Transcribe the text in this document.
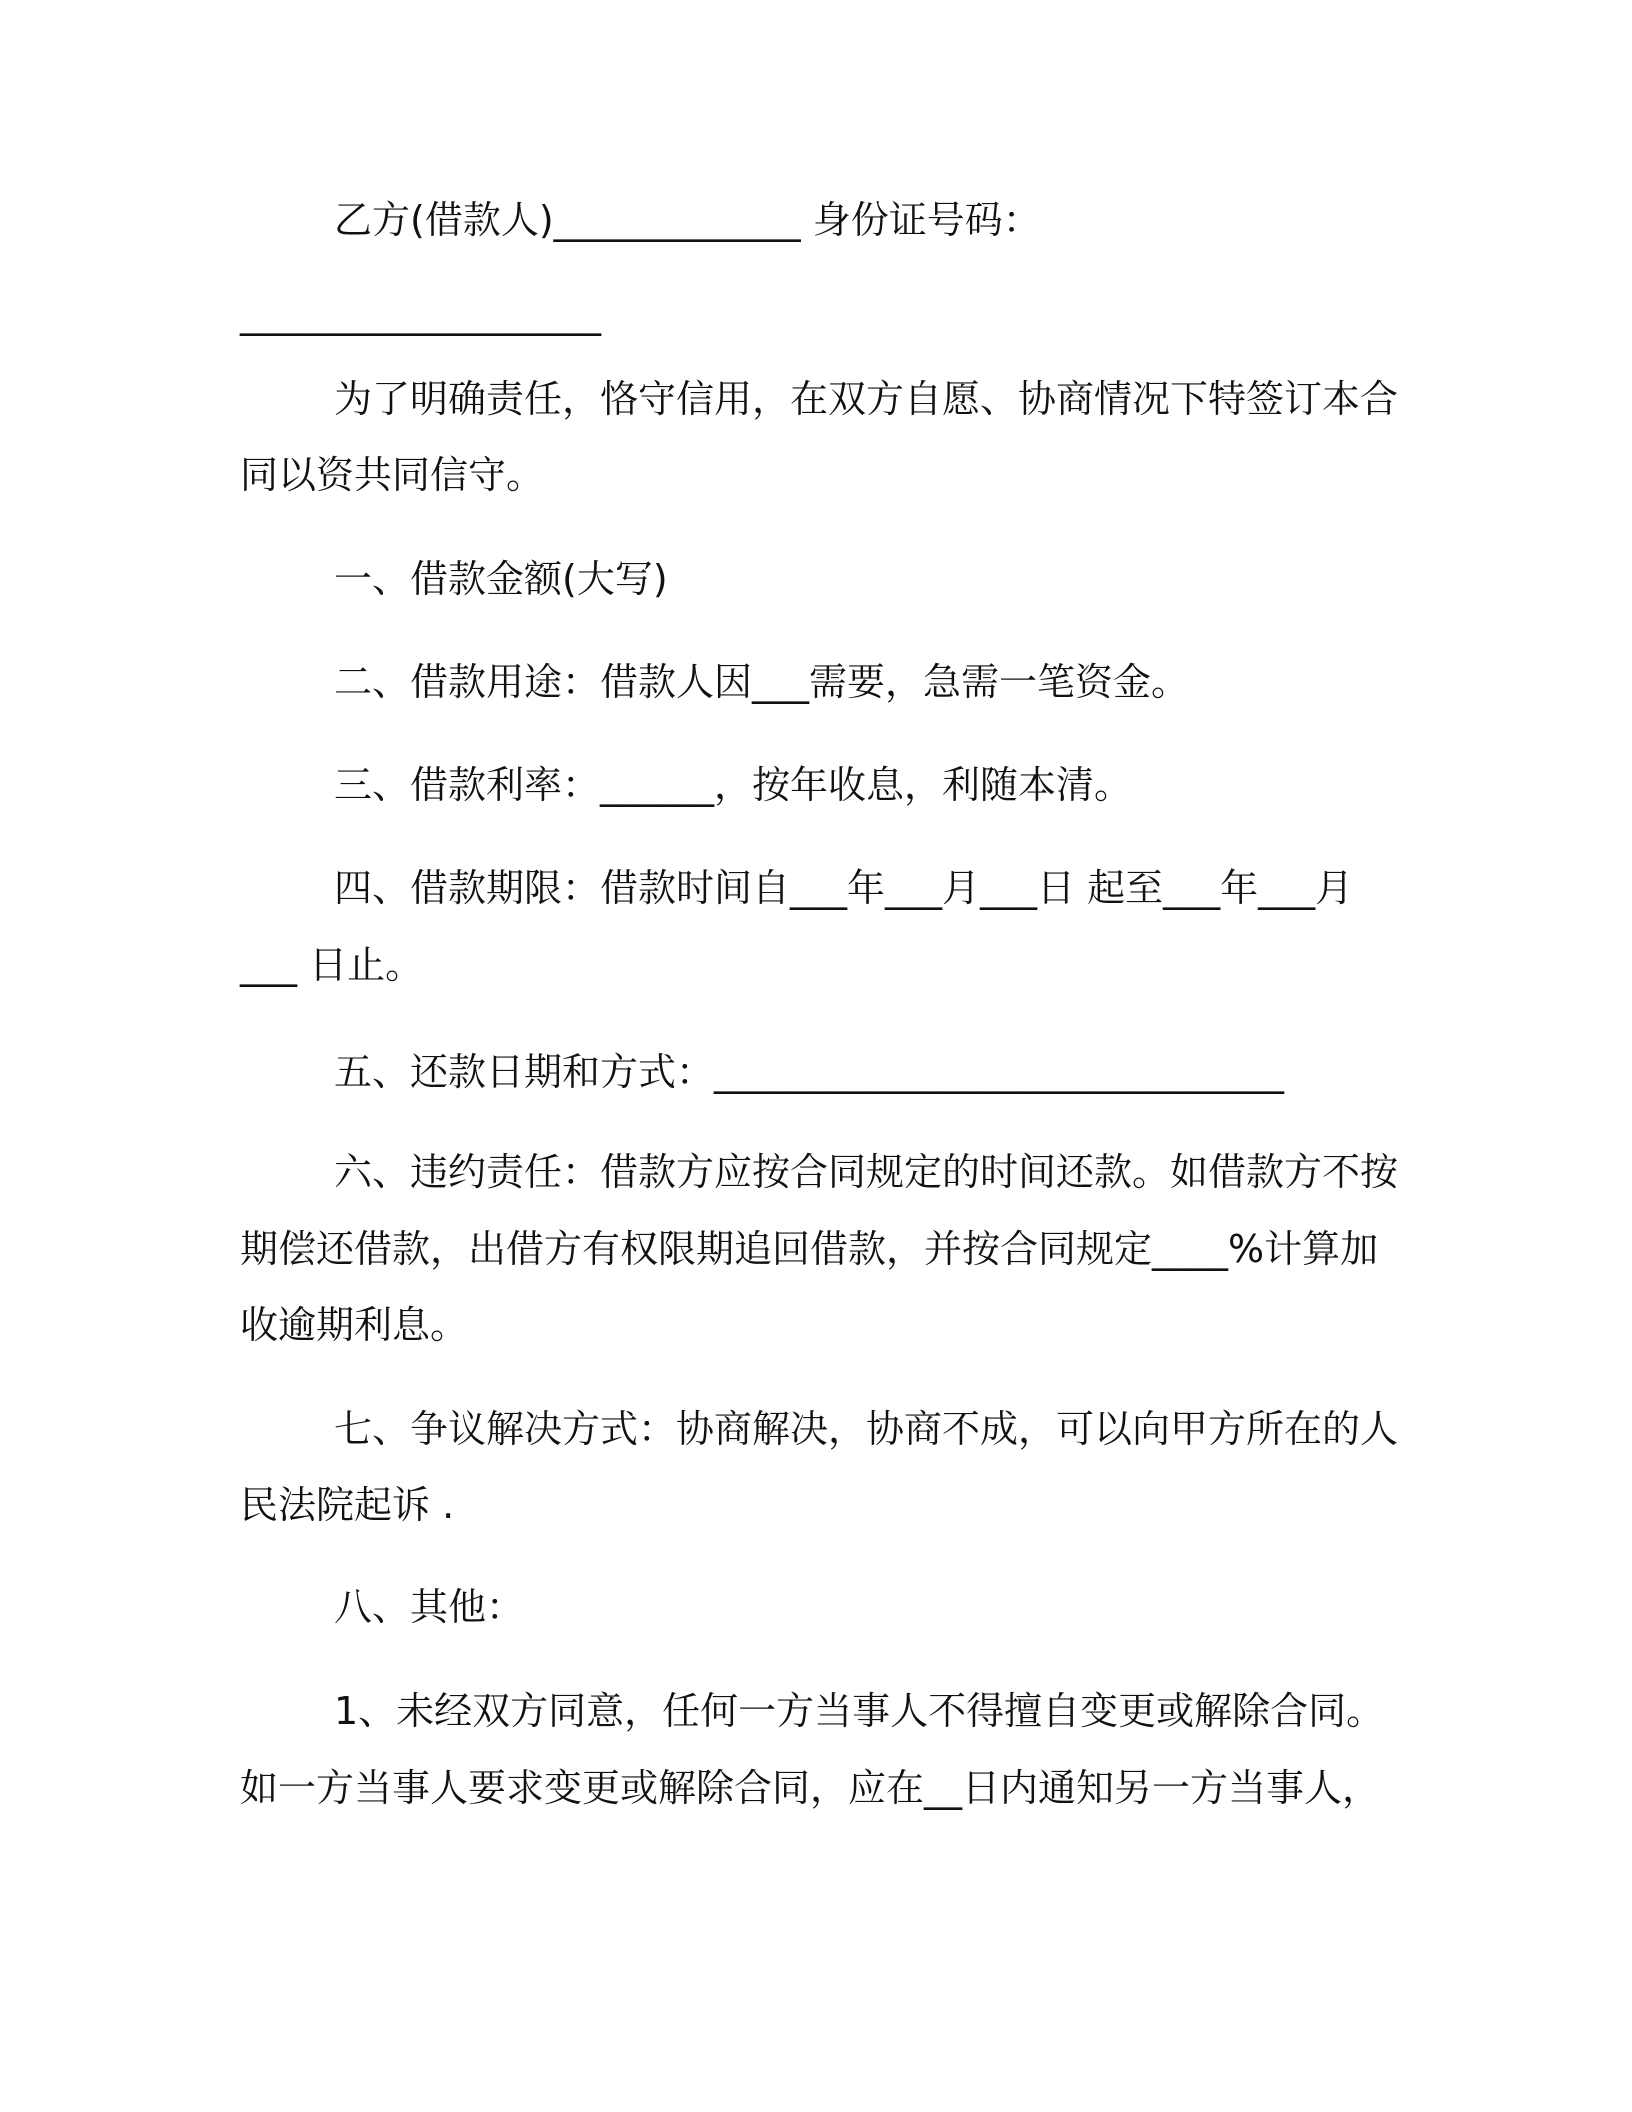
乙方(借款人)_____________ 身份证号码：
___________________
为了明确责任，恪守信用，在双方自愿、协商情况下特签订本合
同以资共同信守。
一、借款金额(大写)
二、借款用途：借款人因___需要，急需一笔资金。
三、借款利率：______，按年收息，利随本清。
四、借款期限：借款时间自___年___月___日 起至___年___月
___ 日止。
五、还款日期和方式：______________________________
六、违约责任：借款方应按合同规定的时间还款。如借款方不按
期偿还借款，出借方有权限期追回借款，并按合同规定____%计算加
收逾期利息。
七、争议解决方式：协商解决，协商不成，可以向甲方所在的人
民法院起诉 .
八、其他：
1、未经双方同意，任何一方当事人不得擅自变更或解除合同。
如一方当事人要求变更或解除合同，应在__日内通知另一方当事人，
